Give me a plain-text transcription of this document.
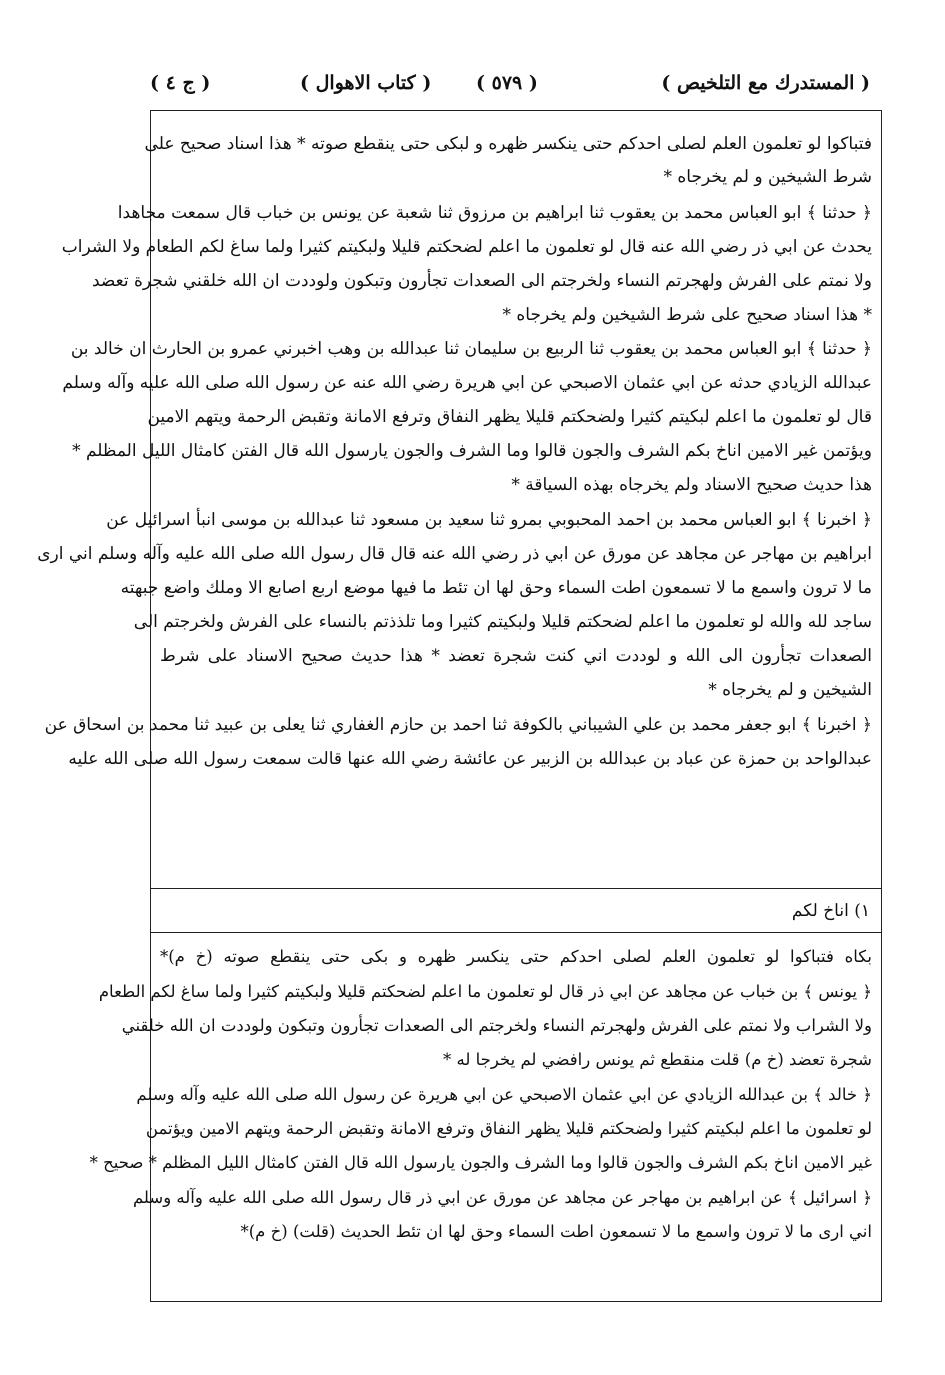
( المستدرك مع التلخيص )
( ٥٧٩ )
( كتاب الاهوال )
( ج ٤ )
فتباكوا لو تعلمون العلم لصلى احدكم حتى ينكسر ظهره و لبكى حتى ينقطع صوته * هذا اسناد صحيح على
شرط الشيخين و لم يخرجاه *
﴿ حدثنا ﴾ ابو العباس محمد بن يعقوب ثنا ابراهيم بن مرزوق ثنا شعبة عن يونس بن خباب قال سمعت مجاهدا
يحدث عن ابي ذر رضي الله عنه قال لو تعلمون ما اعلم لضحكتم قليلا ولبكيتم كثيرا ولما ساغ لكم الطعام ولا الشراب
ولا نمتم على الفرش ولهجرتم النساء ولخرجتم الى الصعدات تجأرون وتبكون ولوددت ان الله خلقني شجرة تعضد
* هذا اسناد صحيح على شرط الشيخين ولم يخرجاه *
﴿ حدثنا ﴾ ابو العباس محمد بن يعقوب ثنا الربيع بن سليمان ثنا عبدالله بن وهب اخبرني عمرو بن الحارث ان خالد بن
عبدالله الزيادي حدثه عن ابي عثمان الاصبحي عن ابي هريرة رضي الله عنه عن رسول الله صلى الله عليه وآله وسلم
قال لو تعلمون ما اعلم لبكيتم كثيرا ولضحكتم قليلا يظهر النفاق وترفع الامانة وتقبض الرحمة ويتهم الامين
ويؤتمن غير الامين اناخ بكم الشرف والجون قالوا وما الشرف والجون يارسول الله قال الفتن كامثال الليل المظلم *
هذا حديث صحيح الاسناد ولم يخرجاه بهذه السياقة *
﴿ اخبرنا ﴾ ابو العباس محمد بن احمد المحبوبي بمرو ثنا سعيد بن مسعود ثنا عبدالله بن موسى انبأ اسرائيل عن
ابراهيم بن مهاجر عن مجاهد عن مورق عن ابي ذر رضي الله عنه قال قال رسول الله صلى الله عليه وآله وسلم اني ارى
ما لا ترون واسمع ما لا تسمعون اطت السماء وحق لها ان تئط ما فيها موضع اربع اصابع الا وملك واضع جبهته
ساجد لله والله لو تعلمون ما اعلم لضحكتم قليلا ولبكيتم كثيرا وما تلذذتم بالنساء على الفرش ولخرجتم الى
الصعدات تجأرون الى الله و لوددت اني كنت شجرة تعضد * هذا حديث صحيح الاسناد على شرط
الشيخين و لم يخرجاه *
﴿ اخبرنا ﴾ ابو جعفر محمد بن علي الشيباني بالكوفة ثنا احمد بن حازم الغفاري ثنا يعلى بن عبيد ثنا محمد بن اسحاق عن
عبدالواحد بن حمزة عن عباد بن عبدالله بن الزبير عن عائشة رضي الله عنها قالت سمعت رسول الله صلى الله عليه
١) اناخ لكم
بكاه فتباكوا لو تعلمون العلم لصلى احدكم حتى ينكسر ظهره و بكى حتى ينقطع صوته (خ م)*
﴿ يونس ﴾ بن خباب عن مجاهد عن ابي ذر قال لو تعلمون ما اعلم لضحكتم قليلا ولبكيتم كثيرا ولما ساغ لكم الطعام
ولا الشراب ولا نمتم على الفرش ولهجرتم النساء ولخرجتم الى الصعدات تجأرون وتبكون ولوددت ان الله خلقني
شجرة تعضد (خ م) قلت منقطع ثم يونس رافضي لم يخرجا له *
﴿ خالد ﴾ بن عبدالله الزيادي عن ابي عثمان الاصبحي عن ابي هريرة عن رسول الله صلى الله عليه وآله وسلم
لو تعلمون ما اعلم لبكيتم كثيرا ولضحكتم قليلا يظهر النفاق وترفع الامانة وتقبض الرحمة ويتهم الامين ويؤتمن
غير الامين اناخ بكم الشرف والجون قالوا وما الشرف والجون يارسول الله قال الفتن كامثال الليل المظلم * صحيح *
﴿ اسرائيل ﴾ عن ابراهيم بن مهاجر عن مجاهد عن مورق عن ابي ذر قال رسول الله صلى الله عليه وآله وسلم
اني ارى ما لا ترون واسمع ما لا تسمعون اطت السماء وحق لها ان تئط الحديث (قلت) (خ م)*
